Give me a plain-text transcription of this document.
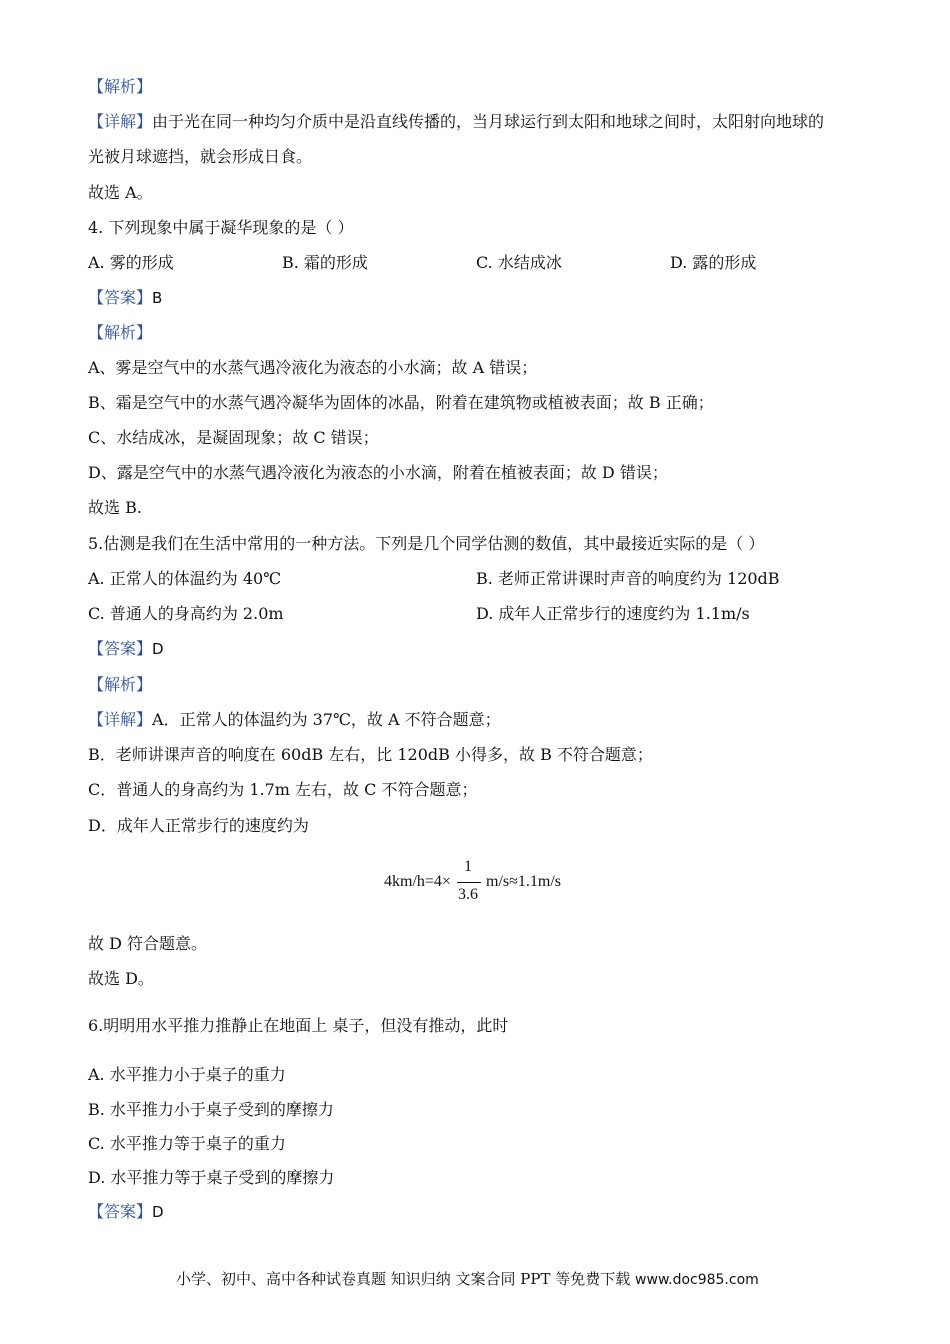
【解析】
【详解】由于光在同一种均匀介质中是沿直线传播的，当月球运行到太阳和地球之间时，太阳射向地球的
光被月球遮挡，就会形成日食。
故选 A。
4. 下列现象中属于凝华现象的是（ ）
A. 雾的形成	B. 霜的形成	C. 水结成冰	D. 露的形成
【答案】B
【解析】
A、雾是空气中的水蒸气遇冷液化为液态的小水滴；故 A 错误；
B、霜是空气中的水蒸气遇冷凝华为固体的冰晶，附着在建筑物或植被表面；故 B 正确；
C、水结成冰，是凝固现象；故 C 错误；
D、露是空气中的水蒸气遇冷液化为液态的小水滴，附着在植被表面；故 D 错误；
故选 B.
5.估测是我们在生活中常用的一种方法。下列是几个同学估测的数值，其中最接近实际的是（ ）
A. 正常人的体温约为 40℃	B. 老师正常讲课时声音的响度约为 120dB
C. 普通人的身高约为 2.0m	D. 成年人正常步行的速度约为 1.1m/s
【答案】D
【解析】
【详解】A．正常人的体温约为 37℃，故 A 不符合题意；
B．老师讲课声音的响度在 60dB 左右，比 120dB 小得多，故 B 不符合题意；
C．普通人的身高约为 1.7m 左右，故 C 不符合题意；
D．成年人正常步行的速度约为
4km/h=4×
1
3.6
m/s≈1.1m/s
故 D 符合题意。
故选 D。
6.明明用水平推力推静止在地面上 桌子，但没有推动，此时
A. 水平推力小于桌子的重力
B. 水平推力小于桌子受到的摩擦力
C. 水平推力等于桌子的重力
D. 水平推力等于桌子受到的摩擦力
【答案】D
小学、初中、高中各种试卷真题 知识归纳 文案合同 PPT 等免费下载 www.doc985.com
